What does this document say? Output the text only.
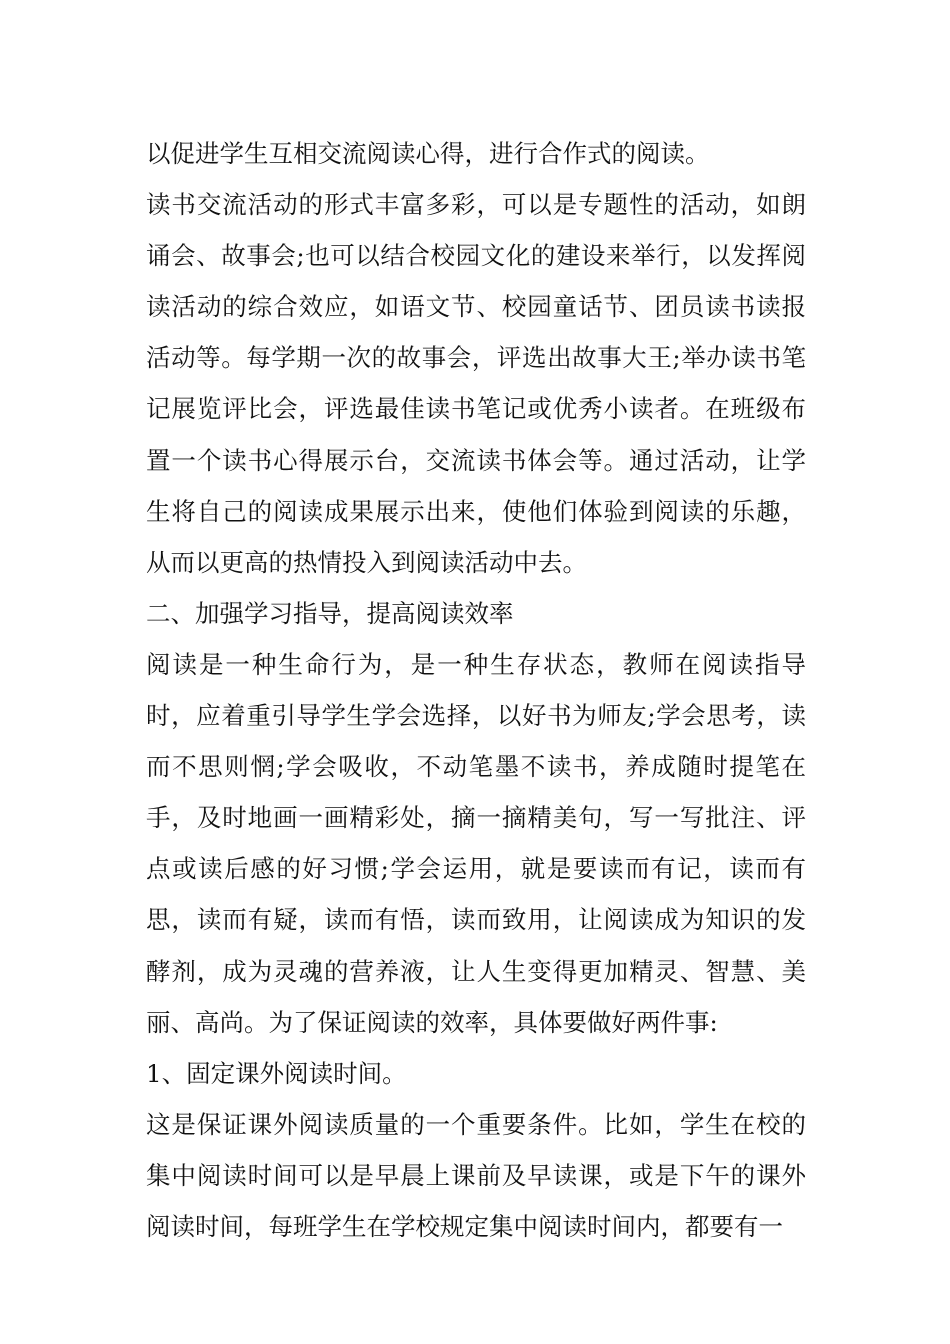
以促进学生互相交流阅读心得，进行合作式的阅读。

读书交流活动的形式丰富多彩，可以是专题性的活动，如朗诵会、故事会;也可以结合校园文化的建设来举行，以发挥阅读活动的综合效应，如语文节、校园童话节、团员读书读报活动等。每学期一次的故事会，评选出故事大王;举办读书笔记展览评比会，评选最佳读书笔记或优秀小读者。在班级布置一个读书心得展示台，交流读书体会等。通过活动，让学生将自己的阅读成果展示出来，使他们体验到阅读的乐趣，从而以更高的热情投入到阅读活动中去。

二、加强学习指导，提高阅读效率

阅读是一种生命行为，是一种生存状态，教师在阅读指导时，应着重引导学生学会选择，以好书为师友;学会思考，读而不思则惘;学会吸收，不动笔墨不读书，养成随时提笔在手，及时地画一画精彩处，摘一摘精美句，写一写批注、评点或读后感的好习惯;学会运用，就是要读而有记，读而有思，读而有疑，读而有悟，读而致用，让阅读成为知识的发酵剂，成为灵魂的营养液，让人生变得更加精灵、智慧、美丽、高尚。为了保证阅读的效率，具体要做好两件事:

1、固定课外阅读时间。

这是保证课外阅读质量的一个重要条件。比如，学生在校的集中阅读时间可以是早晨上课前及早读课，或是下午的课外阅读时间，每班学生在学校规定集中阅读时间内，都要有一
